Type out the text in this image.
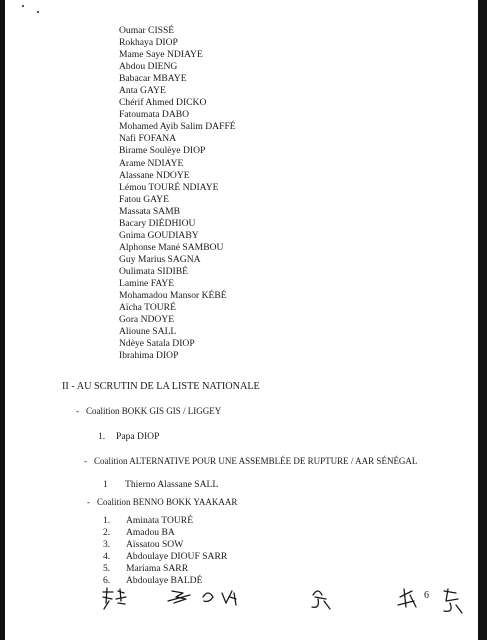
Oumar CISSÉ
Rokhaya DIOP
Mame Saye NDIAYE
Abdou DIENG
Babacar MBAYE
Anta GAYE
Chérif Ahmed DICKO
Fatoumata DABO
Mohamed Ayib Salim DAFFÉ
Nafi FOFANA
Birame Soulèye DIOP
Arame NDIAYE
Alassane NDOYE
Lémou TOURÉ NDIAYE
Fatou GAYE
Massata SAMB
Bacary DIÉDHIOU
Gnima GOUDIABY
Alphonse Mané SAMBOU
Guy Marius SAGNA
Oulimata SIDIBÉ
Lamine FAYE
Mohamadou Mansor KÉBÉ
Aïcha TOURÉ
Gora NDOYE
Alioune SALL
Ndèye Satala DIOP
Ibrahima DIOP
II - AU SCRUTIN DE LA LISTE NATIONALE
- Coalition BOKK GIS GIS / LIGGEY
1. Papa DIOP
- Coalition ALTERNATIVE POUR UNE ASSEMBLÉE DE RUPTURE / AAR SÉNÉGAL
1 Thierno Alassane SALL
- Coalition BENNO BOKK YAAKAAR
1. Aminata TOURÉ
2. Amadou BA
3. Aïssatou SOW
4. Abdoulaye DIOUF SARR
5. Mariama SARR
6. Abdoulaye BALDÉ
6
